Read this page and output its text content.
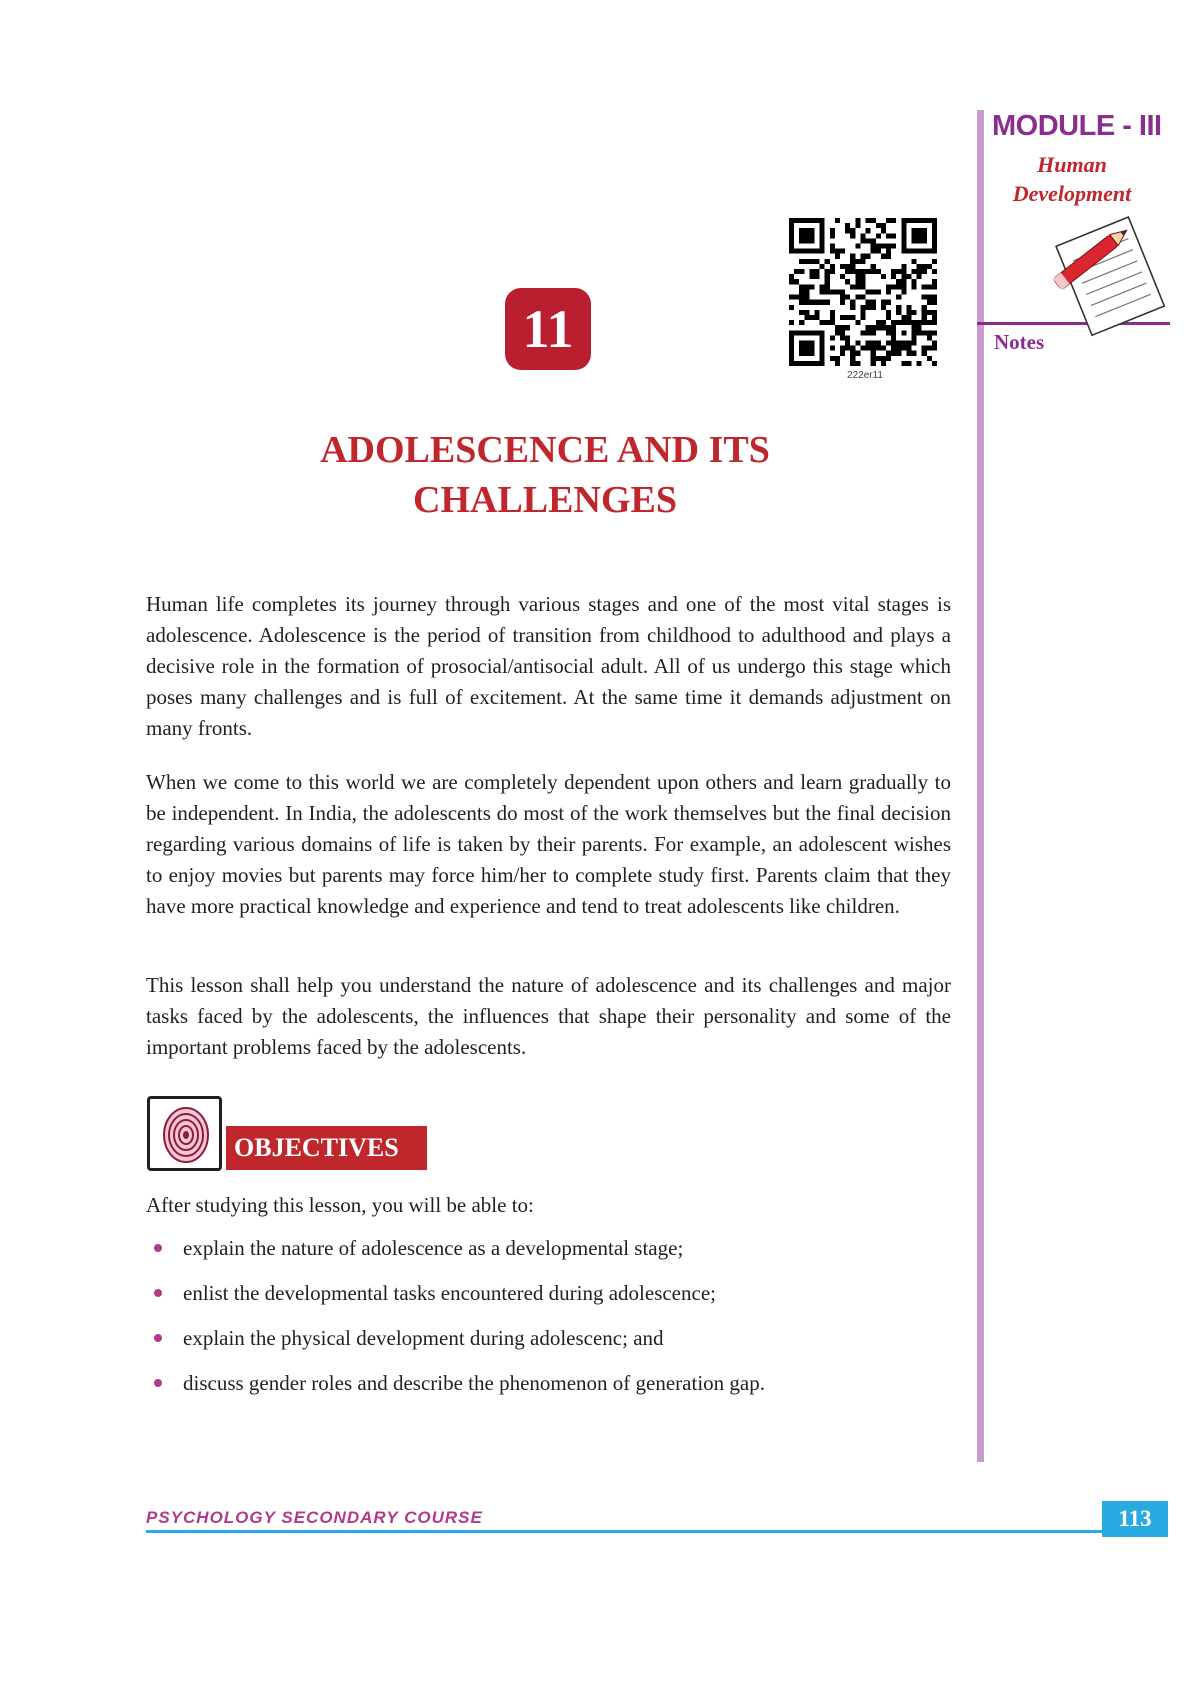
MODULE - III
Human
Development
Notes
11
222er11
ADOLESCENCE AND ITS
CHALLENGES

Human life completes its journey through various stages and one of the most vital stages is adolescence. Adolescence is the period of transition from childhood to adulthood and plays a decisive role in the formation of prosocial/antisocial adult. All of us undergo this stage which poses many challenges and is full of excitement. At the same time it demands adjustment on many fronts.

When we come to this world we are completely dependent upon others and learn gradually to be independent. In India, the adolescents do most of the work themselves but the final decision regarding various domains of life is taken by their parents. For example, an adolescent wishes to enjoy movies but parents may force him/her to complete study first. Parents claim that they have more practical knowledge and experience and tend to treat adolescents like children.

This lesson shall help you understand the nature of adolescence and its challenges and major tasks faced by the adolescents, the influences that shape their personality and some of the important problems faced by the adolescents.

OBJECTIVES
After studying this lesson, you will be able to:
explain the nature of adolescence as a developmental stage;
enlist the developmental tasks encountered during adolescence;
explain the physical development during adolescenc; and
discuss gender roles and describe the phenomenon of generation gap.
PSYCHOLOGY SECONDARY COURSE	113
